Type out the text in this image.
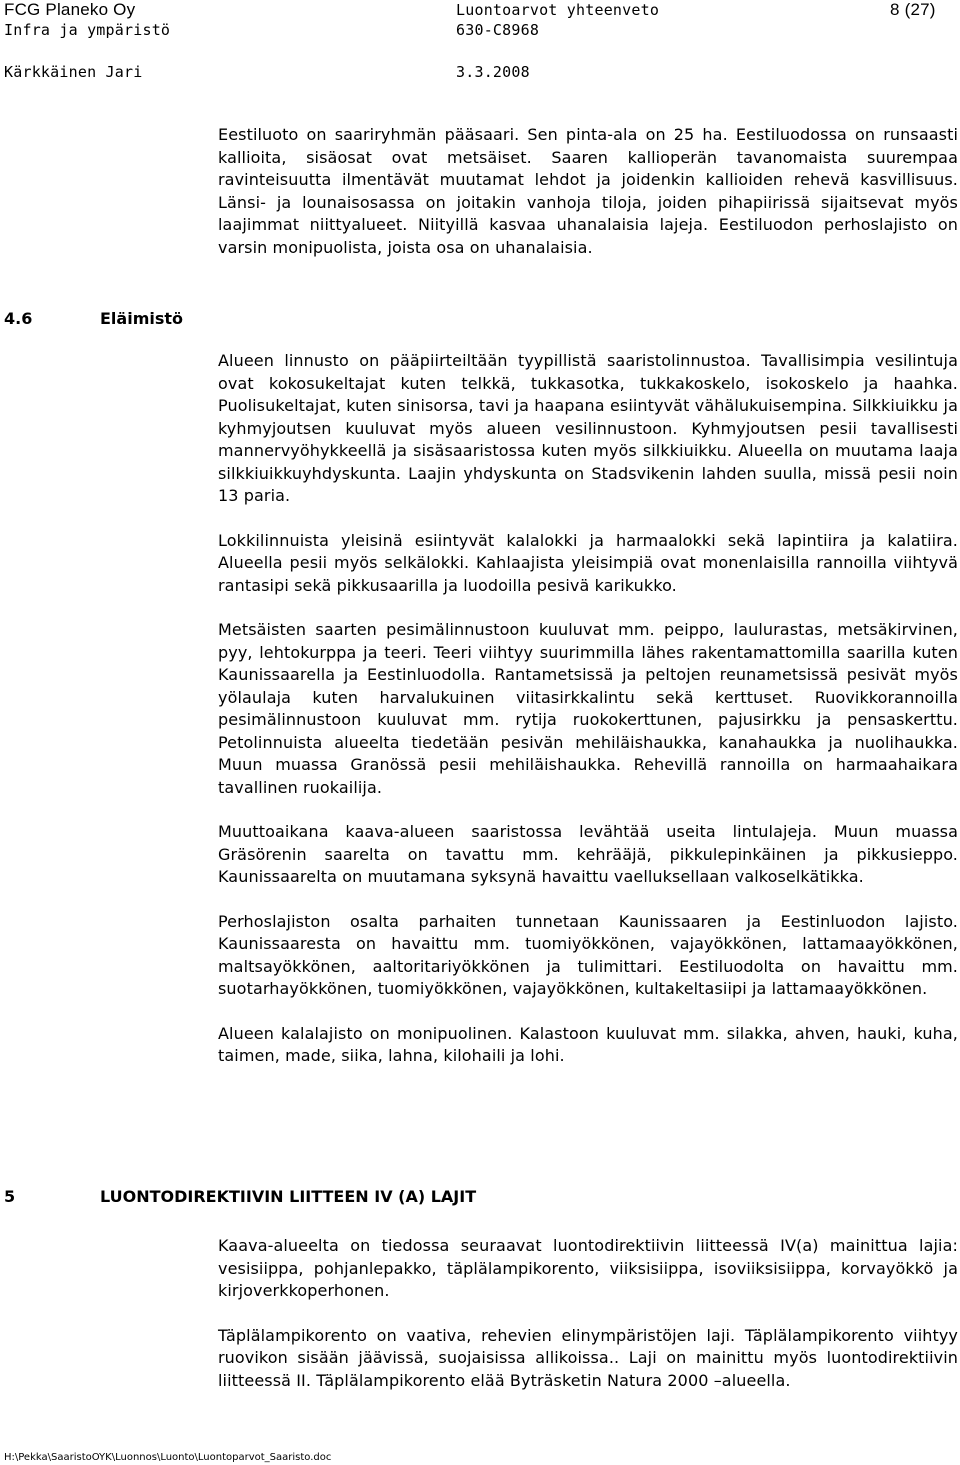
FCG Planeko Oy
Infra ja ympäristö
Kärkkäinen Jari
Luontoarvot yhteenveto
630-C8968
3.3.2008
8 (27)

Eestiluoto on saariryhmän pääsaari. Sen pinta-ala on 25 ha. Eestiluodossa on runsaasti kallioita, sisäosat ovat metsäiset. Saaren kallioperän tavanomaista suurempaa ravinteisuutta ilmentävät muutamat lehdot ja joidenkin kallioiden rehevä kasvillisuus. Länsi- ja lounaisosassa on joitakin vanhoja tiloja, joiden pihapiirissä sijaitsevat myös laajimmat niittyalueet. Niityillä kasvaa uhanalaisia lajeja. Eestiluodon perhoslajisto on varsin monipuolista, joista osa on uhanalaisia.

4.6	Eläimistö

Alueen linnusto on pääpiirteiltään tyypillistä saaristolinnustoa. Tavallisimpia vesilintuja ovat kokosukeltajat kuten telkkä, tukkasotka, tukkakoskelo, isokoskelo ja haahka. Puolisukeltajat, kuten sinisorsa, tavi ja haapana esiintyvät vähälukuisempina. Silkkiuikku ja kyhmyjoutsen kuuluvat myös alueen vesilinnustoon. Kyhmyjoutsen pesii tavallisesti mannervyöhykkeellä ja sisäsaaristossa kuten myös silkkiuikku. Alueella on muutama laaja silkkiuikkuyhdyskunta. Laajin yhdyskunta on Stadsvikenin lahden suulla, missä pesii noin 13 paria.

Lokkilinnuista yleisinä esiintyvät kalalokki ja harmaalokki sekä lapintiira ja kalatiira. Alueella pesii myös selkälokki. Kahlaajista yleisimpiä ovat monenlaisilla rannoilla viihtyvä rantasipi sekä pikkusaarilla ja luodoilla pesivä karikukko.

Metsäisten saarten pesimälinnustoon kuuluvat mm. peippo, laulurastas, metsäkirvinen, pyy, lehtokurppa ja teeri. Teeri viihtyy suurimmilla lähes rakentamattomilla saarilla kuten Kaunissaarella ja Eestinluodolla. Rantametsissä ja peltojen reunametsissä pesivät myös yölaulaja kuten harvalukuinen viitasirkkalintu sekä kerttuset. Ruovikkorannoilla pesimälinnustoon kuuluvat mm. rytija ruokokerttunen, pajusirkku ja pensaskerttu. Petolinnuista alueelta tiedetään pesivän mehiläishaukka, kanahaukka ja nuolihaukka. Muun muassa Granössä pesii mehiläishaukka. Rehevillä rannoilla on harmaahaikara tavallinen ruokailija.

Muuttoaikana kaava-alueen saaristossa levähtää useita lintulajeja. Muun muassa Gräsörenin saarelta on tavattu mm. kehrääjä, pikkulepinkäinen ja pikkusieppo. Kaunissaarelta on muutamana syksynä havaittu vaelluksellaan valkoselkätikka.

Perhoslajiston osalta parhaiten tunnetaan Kaunissaaren ja Eestinluodon lajisto. Kaunissaaresta on havaittu mm. tuomiyökkönen, vajayökkönen, lattamaayökkönen, maltsayökkönen, aaltoritariyökkönen ja tulimittari. Eestiluodolta on havaittu mm. suotarhayökkönen, tuomiyökkönen, vajayökkönen, kultakeltasiipi ja lattamaayökkönen.

Alueen kalalajisto on monipuolinen. Kalastoon kuuluvat mm. silakka, ahven, hauki, kuha, taimen, made, siika, lahna, kilohaili ja lohi.

5	LUONTODIREKTIIVIN LIITTEEN IV (A) LAJIT

Kaava-alueelta on tiedossa seuraavat luontodirektiivin liitteessä IV(a) mainittua lajia: vesisiippa, pohjanlepakko, täplälampikorento, viiksisiippa, isoviiksisiippa, korvayökkö ja kirjoverkkoperhonen.

Täplälampikorento on vaativa, rehevien elinympäristöjen laji. Täplälampikorento viihtyy ruovikon sisään jäävissä, suojaisissa allikoissa.. Laji on mainittu myös luontodirektiivin liitteessä II. Täplälampikorento elää Byträsketin Natura 2000 –alueella.

H:\Pekka\SaaristoOYK\Luonnos\Luonto\Luontoparvot_Saaristo.doc
